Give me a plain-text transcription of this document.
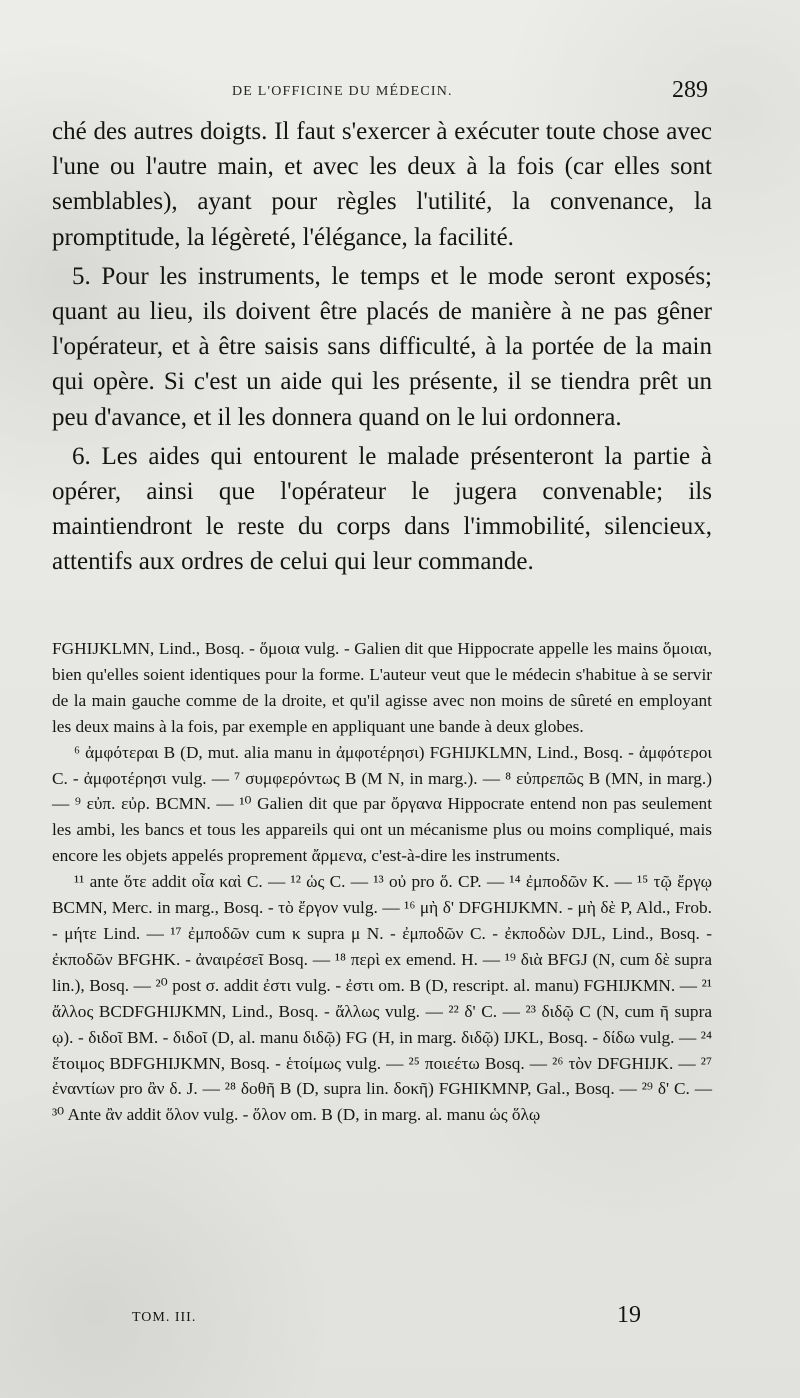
DE L'OFFICINE DU MÉDECIN.	289

ché des autres doigts. Il faut s'exercer à exécuter toute chose avec l'une ou l'autre main, et avec les deux à la fois (car elles sont semblables), ayant pour règles l'utilité, la convenance, la promptitude, la légèreté, l'élégance, la facilité.

5. Pour les instruments, le temps et le mode seront exposés; quant au lieu, ils doivent être placés de manière à ne pas gêner l'opérateur, et à être saisis sans difficulté, à la portée de la main qui opère. Si c'est un aide qui les présente, il se tiendra prêt un peu d'avance, et il les donnera quand on le lui ordonnera.

6. Les aides qui entourent le malade présenteront la partie à opérer, ainsi que l'opérateur le jugera convenable; ils maintiendront le reste du corps dans l'immobilité, silencieux, attentifs aux ordres de celui qui leur commande.

FGHIJKLMN, Lind., Bosq. - ὅμοια vulg. - Galien dit que Hippocrate appelle les mains ὅμοιαι, bien qu'elles soient identiques pour la forme. L'auteur veut que le médecin s'habitue à se servir de la main gauche comme de la droite, et qu'il agisse avec non moins de sûreté en employant les deux mains à la fois, par exemple en appliquant une bande à deux globes.

⁶ ἀμφότεραι B (D, mut. alia manu in ἀμφοτέρησι) FGHIJKLMN, Lind., Bosq. - ἀμφότεροι C. - ἀμφοτέρησι vulg. — ⁷ συμφερόντως B (M N, in marg.). — ⁸ εὐπρεπῶς B (MN, in marg.) — ⁹ εὐπ. εὐρ. BCMN. — ¹⁰ Galien dit que par ὄργανα Hippocrate entend non pas seulement les ambi, les bancs et tous les appareils qui ont un mécanisme plus ou moins compliqué, mais encore les objets appelés proprement ἄρμενα, c'est-à-dire les instruments.

¹¹ ante ὅτε addit οἷα καὶ C. — ¹² ὡς C. — ¹³ οὐ pro ὅ. CP. — ¹⁴ ἐμποδῶν K. — ¹⁵ τῷ ἔργῳ BCMN, Merc. in marg., Bosq. - τὸ ἔργον vulg. — ¹⁶ μὴ δ' DFGHIJKMN. - μὴ δὲ P, Ald., Frob. - μήτε Lind. — ¹⁷ ἐμποδῶν cum κ supra μ N. - ἐμποδῶν C. - ἐκποδὼν DJL, Lind., Bosq. - ἐκποδῶν BFGHK. - ἀναιρέσεῖ Bosq. — ¹⁸ περὶ ex emend. H. — ¹⁹ διὰ BFGJ (N, cum δὲ supra lin.), Bosq. — ²⁰ post σ. addit ἐστι vulg. - ἐστι om. B (D, rescript. al. manu) FGHIJKMN. — ²¹ ἄλλος BCDFGHIJKMN, Lind., Bosq. - ἄλλως vulg. — ²² δ' C. — ²³ διδῷ C (N, cum ῆ supra ῳ). - διδοῖ BM. - διδοῖ (D, al. manu διδῷ) FG (H, in marg. διδῷ) IJKL, Bosq. - δίδω vulg. — ²⁴ ἕτοιμος BDFGHIJKMN, Bosq. - ἑτοίμως vulg. — ²⁵ ποιεέτω Bosq. — ²⁶ τὸν DFGHIJK. — ²⁷ ἐναντίων pro ἂν δ. J. — ²⁸ δοθῆ B (D, supra lin. δοκῆ) FGHIKMNP, Gal., Bosq. — ²⁹ δ' C. — ³⁰ Ante ἂν addit ὅλον vulg. - ὅλον om. B (D, in marg. al. manu ὡς ὅλῳ

TOM. III.	19
